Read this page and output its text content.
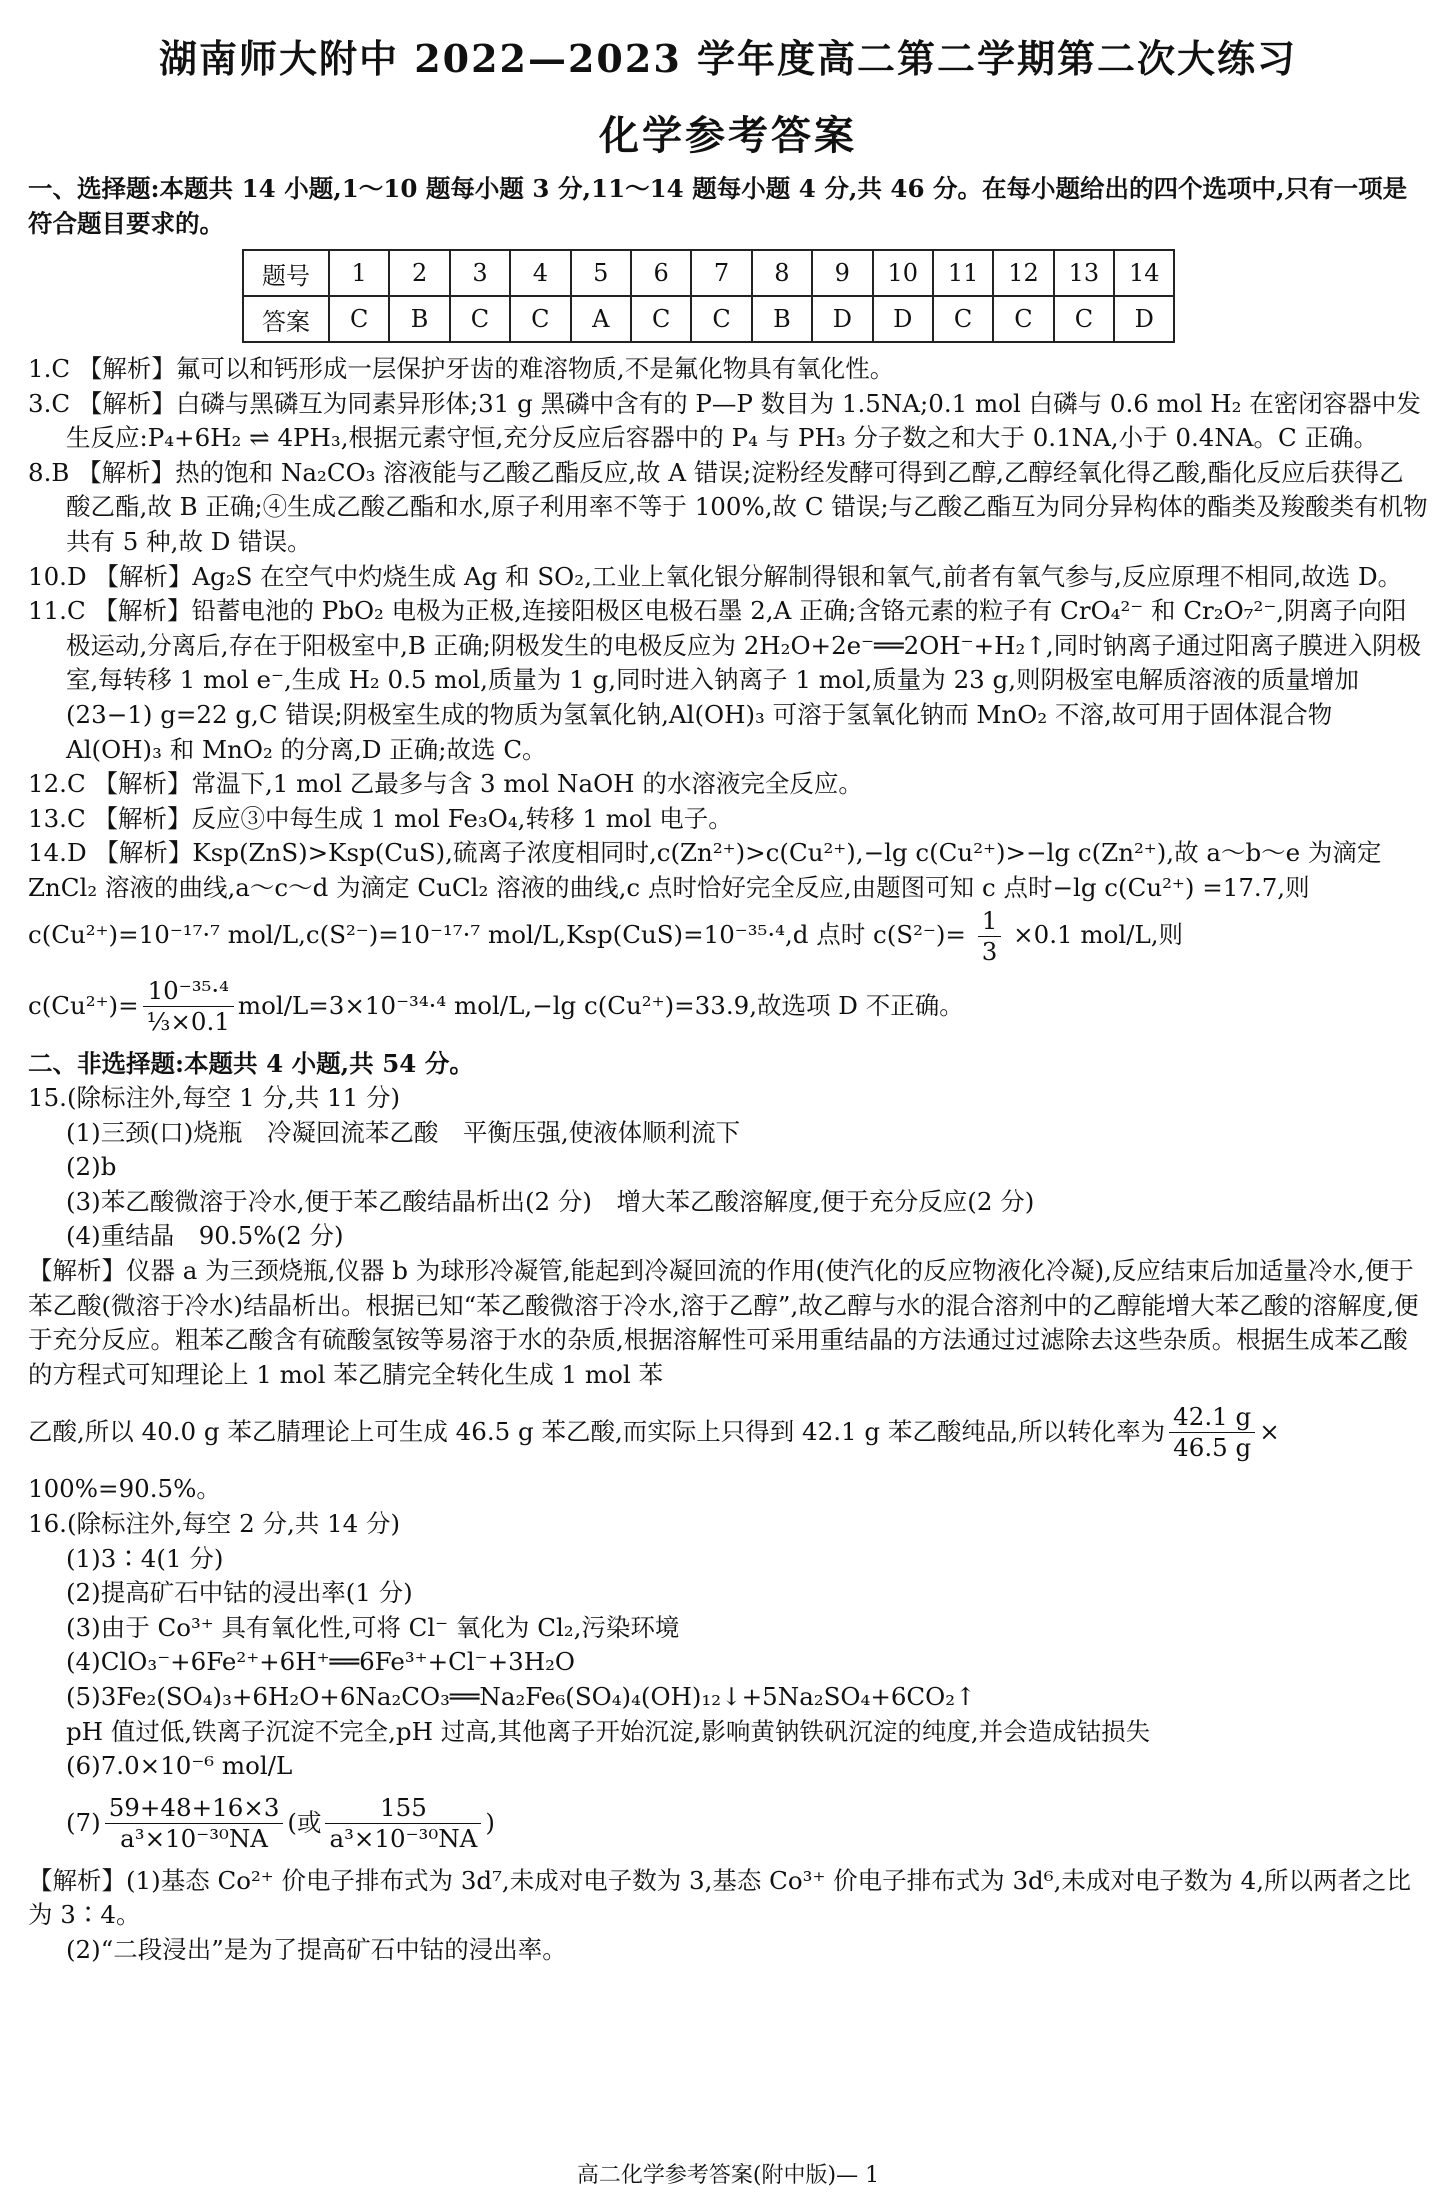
湖南师大附中 2022—2023 学年度高二第二学期第二次大练习
化学参考答案
一、选择题:本题共 14 小题,1～10 题每小题 3 分,11～14 题每小题 4 分,共 46 分。在每小题给出的四个选项中,只有一项是符合题目要求的。
题号	1	2	3	4	5	6	7	8	9	10	11	12	13	14
答案	C	B	C	C	A	C	C	B	D	D	C	C	C	D
1.C 【解析】氟可以和钙形成一层保护牙齿的难溶物质,不是氟化物具有氧化性。
3.C 【解析】白磷与黑磷互为同素异形体;31 g 黑磷中含有的 P—P 数目为 1.5NA;0.1 mol 白磷与 0.6 mol H₂ 在密闭容器中发生反应:P₄+6H₂ ⇌ 4PH₃,根据元素守恒,充分反应后容器中的 P₄ 与 PH₃ 分子数之和大于 0.1NA,小于 0.4NA。C 正确。
8.B 【解析】热的饱和 Na₂CO₃ 溶液能与乙酸乙酯反应,故 A 错误;淀粉经发酵可得到乙醇,乙醇经氧化得乙酸,酯化反应后获得乙酸乙酯,故 B 正确;④生成乙酸乙酯和水,原子利用率不等于 100%,故 C 错误;与乙酸乙酯互为同分异构体的酯类及羧酸类有机物共有 5 种,故 D 错误。
10.D 【解析】Ag₂S 在空气中灼烧生成 Ag 和 SO₂,工业上氧化银分解制得银和氧气,前者有氧气参与,反应原理不相同,故选 D。
11.C 【解析】铅蓄电池的 PbO₂ 电极为正极,连接阳极区电极石墨 2,A 正确;含铬元素的粒子有 CrO₄²⁻ 和 Cr₂O₇²⁻,阴离子向阳极运动,分离后,存在于阳极室中,B 正确;阴极发生的电极反应为 2H₂O+2e⁻══2OH⁻+H₂↑,同时钠离子通过阳离子膜进入阴极室,每转移 1 mol e⁻,生成 H₂ 0.5 mol,质量为 1 g,同时进入钠离子 1 mol,质量为 23 g,则阴极室电解质溶液的质量增加(23−1) g=22 g,C 错误;阴极室生成的物质为氢氧化钠,Al(OH)₃ 可溶于氢氧化钠而 MnO₂ 不溶,故可用于固体混合物 Al(OH)₃ 和 MnO₂ 的分离,D 正确;故选 C。
12.C 【解析】常温下,1 mol 乙最多与含 3 mol NaOH 的水溶液完全反应。
13.C 【解析】反应③中每生成 1 mol Fe₃O₄,转移 1 mol 电子。
14.D 【解析】Ksp(ZnS)>Ksp(CuS),硫离子浓度相同时,c(Zn²⁺)>c(Cu²⁺),−lg c(Cu²⁺)>−lg c(Zn²⁺),故 a～b～e 为滴定 ZnCl₂ 溶液的曲线,a～c～d 为滴定 CuCl₂ 溶液的曲线,c 点时恰好完全反应,由题图可知 c 点时−lg c(Cu²⁺) =17.7,则 c(Cu²⁺)=10⁻¹⁷·⁷ mol/L,c(S²⁻)=10⁻¹⁷·⁷ mol/L,Ksp(CuS)=10⁻³⁵·⁴,d 点时 $c(S^{2-})= \frac{1}{3} \times 0.1$ mol/L,则
$c(Cu^{2+})= \frac{\text{10⁻³⁵·⁴}}{\text{⅓×0.1}} mol/L=3\times 10^{-34}\cdot^4$ mol/L,−lg c(Cu²⁺)=33.9,故选项 D 不正确。
二、非选择题:本题共 4 小题,共 54 分。
15.(除标注外,每空 1 分,共 11 分)
(1)三颈(口)烧瓶　冷凝回流苯乙酸　平衡压强,使液体顺利流下
(2)b
(3)苯乙酸微溶于冷水,便于苯乙酸结晶析出(2 分)　增大苯乙酸溶解度,便于充分反应(2 分)
(4)重结晶　90.5%(2 分)
【解析】仪器 a 为三颈烧瓶,仪器 b 为球形冷凝管,能起到冷凝回流的作用(使汽化的反应物液化冷凝),反应结束后加适量冷水,便于苯乙酸(微溶于冷水)结晶析出。根据已知“苯乙酸微溶于冷水,溶于乙醇”,故乙醇与水的混合溶剂中的乙醇能增大苯乙酸的溶解度,便于充分反应。粗苯乙酸含有硫酸氢铵等易溶于水的杂质,根据溶解性可采用重结晶的方法通过过滤除去这些杂质。根据生成苯乙酸的方程式可知理论上 1 mol 苯乙腈完全转化生成 1 mol 苯
乙酸,所以 40.0 g 苯乙腈理论上可生成 46.5 g 苯乙酸,而实际上只得到 42.1 g 苯乙酸纯品,所以转化率为 $\frac{42.1 g}{46.5 g}$ ×
100%=90.5%。
16.(除标注外,每空 2 分,共 14 分)
(1)3∶4(1 分)
(2)提高矿石中钴的浸出率(1 分)
(3)由于 Co³⁺ 具有氧化性,可将 Cl⁻ 氧化为 Cl₂,污染环境
(4)ClO₃⁻+6Fe²⁺+6H⁺══6Fe³⁺+Cl⁻+3H₂O
(5)3Fe₂(SO₄)₃+6H₂O+6Na₂CO₃══Na₂Fe₆(SO₄)₄(OH)₁₂↓+5Na₂SO₄+6CO₂↑
pH 值过低,铁离子沉淀不完全,pH 过高,其他离子开始沉淀,影响黄钠铁矾沉淀的纯度,并会造成钴损失
(6)7.0×10⁻⁶ mol/L
$(7) \frac{59+48+16\times 3}{\text{a³×10⁻³⁰NA}}$ (或 $\frac{155}{\text{a³×10⁻³⁰NA}}$ )
【解析】(1)基态 Co²⁺ 价电子排布式为 3d⁷,未成对电子数为 3,基态 Co³⁺ 价电子排布式为 3d⁶,未成对电子数为 4,所以两者之比为 3∶4。
(2)“二段浸出”是为了提高矿石中钴的浸出率。
高二化学参考答案(附中版)— 1
